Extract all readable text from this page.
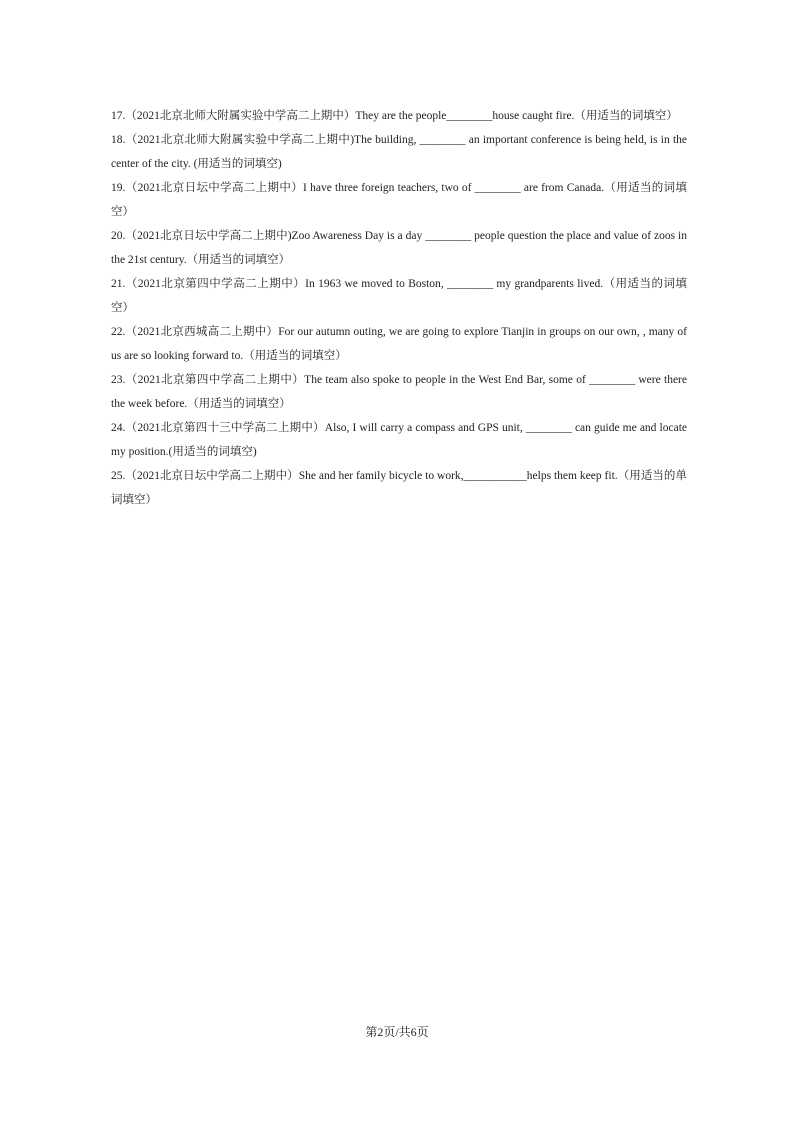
17.（2021北京北师大附属实验中学高二上期中）They are the people________house caught fire.（用适当的词填空）

18.（2021北京北师大附属实验中学高二上期中)The building, ________ an important conference is being held, is in the center of the city. (用适当的词填空)

19.（2021北京日坛中学高二上期中）I have three foreign teachers, two of ________ are from Canada.（用适当的词填空）

20.（2021北京日坛中学高二上期中)Zoo Awareness Day is a day ________ people question the place and value of zoos in the 21st century.（用适当的词填空）

21.（2021北京第四中学高二上期中）In 1963 we moved to Boston, ________ my grandparents lived.（用适当的词填空）

22.（2021北京西城高二上期中）For our autumn outing, we are going to explore Tianjin in groups on our own, , many of us are so looking forward to.（用适当的词填空）

23.（2021北京第四中学高二上期中）The team also spoke to people in the West End Bar, some of ________ were there the week before.（用适当的词填空）

24.（2021北京第四十三中学高二上期中）Also, I will carry a compass and GPS unit, ________ can guide me and locate my position.(用适当的词填空)

25.（2021北京日坛中学高二上期中）She and her family bicycle to work,___________helps them keep fit.（用适当的单词填空）

第2页/共6页
